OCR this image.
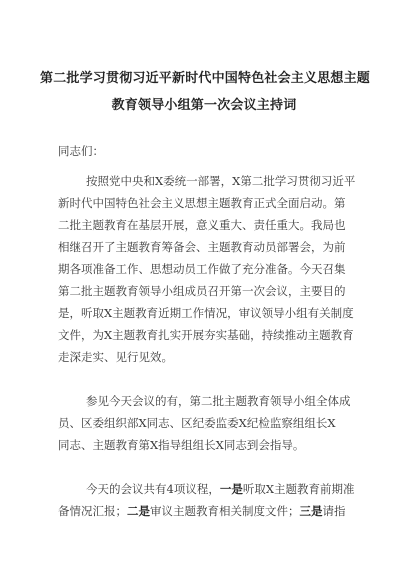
第二批学习贯彻习近平新时代中国特色社会主义思想主题
教育领导小组第一次会议主持词
同志们：
按照党中央和X委统一部署，X第二批学习贯彻习近平
新时代中国特色社会主义思想主题教育正式全面启动。第
二批主题教育在基层开展，意义重大、责任重大。我局也
相继召开了主题教育筹备会、主题教育动员部署会，为前
期各项准备工作、思想动员工作做了充分准备。今天召集
第二批主题教育领导小组成员召开第一次会议，主要目的
是，听取X主题教育近期工作情况，审议领导小组有关制度
文件，为X主题教育扎实开展夯实基础，持续推动主题教育
走深走实、见行见效。
参见今天会议的有，第二批主题教育领导小组全体成
员、区委组织部X同志、区纪委监委X纪检监察组组长X
同志、主题教育第X指导组组长X同志到会指导。
今天的会议共有4项议程，一是听取X主题教育前期准
备情况汇报；二是审议主题教育相关制度文件；三是请指
